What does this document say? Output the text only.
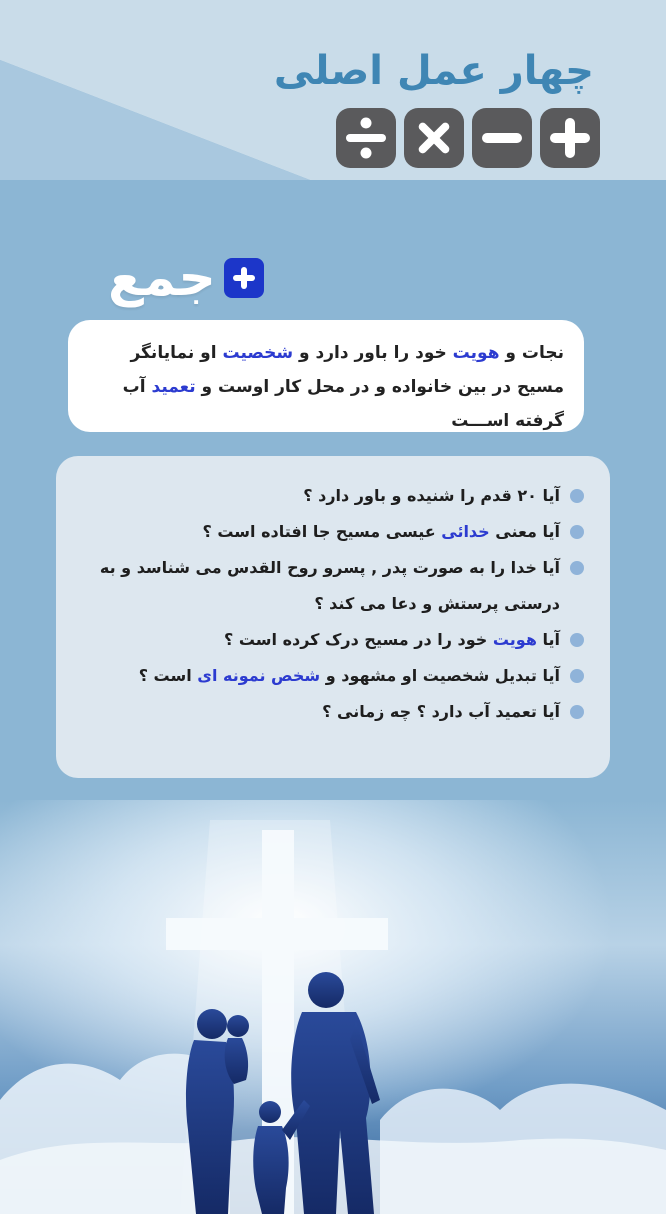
چهار عمل اصلی
جمع
نجات و هویت خود را باور دارد و شخصیت او نمایانگر مسیح در بین خانواده و در محل کار اوست و تعمید آب گرفته اســـت
آیا ۲۰ قدم را شنیده و باور دارد ؟
آیا معنی خدائی عیسی مسیح جا افتاده است ؟
آیا خدا را به صورت پدر , پسرو روح القدس می شناسد و به درستی پرستش و دعا می کند ؟
آیا هویت خود را در مسیح درک کرده است ؟
آیا تبدیل شخصیت او مشهود و شخص نمونه ای است ؟
آیا تعمید آب دارد ؟ چه زمانی ؟
